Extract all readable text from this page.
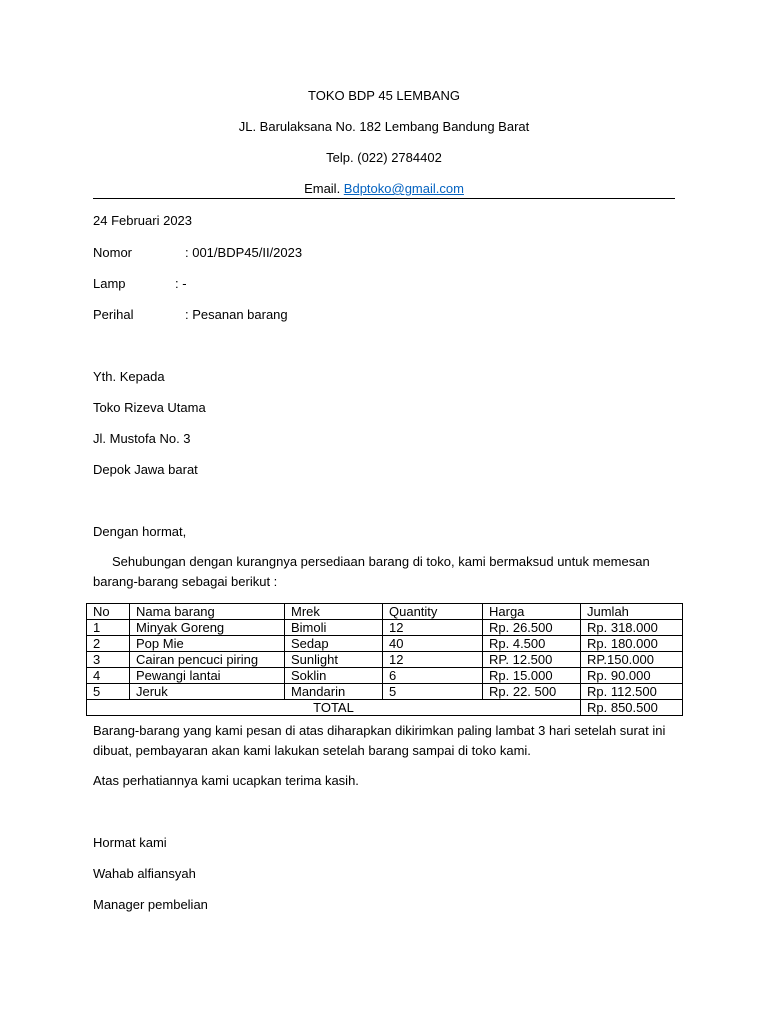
TOKO BDP 45 LEMBANG
JL. Barulaksana No. 182 Lembang Bandung Barat
Telp. (022) 2784402
Email. Bdptoko@gmail.com
24 Februari 2023
Nomor	: 001/BDP45/II/2023
Lamp	: -
Perihal	: Pesanan barang
Yth. Kepada
Toko Rizeva Utama
Jl. Mustofa No. 3
Depok Jawa barat
Dengan hormat,
Sehubungan dengan kurangnya persediaan barang di toko, kami bermaksud untuk memesan
barang-barang sebagai berikut :
No	Nama barang	Mrek	Quantity	Harga	Jumlah
1	Minyak Goreng	Bimoli	12	Rp. 26.500	Rp. 318.000
2	Pop Mie	Sedap	40	Rp. 4.500	Rp. 180.000
3	Cairan pencuci piring	Sunlight	12	RP. 12.500	RP.150.000
4	Pewangi lantai	Soklin	6	Rp. 15.000	Rp. 90.000
5	Jeruk	Mandarin	5	Rp. 22. 500	Rp. 112.500
TOTAL					Rp. 850.500
Barang-barang yang kami pesan di atas diharapkan dikirimkan paling lambat 3 hari setelah surat ini
dibuat, pembayaran akan kami lakukan setelah barang sampai di toko kami.
Atas perhatiannya kami ucapkan terima kasih.
Hormat kami
Wahab alfiansyah
Manager pembelian
